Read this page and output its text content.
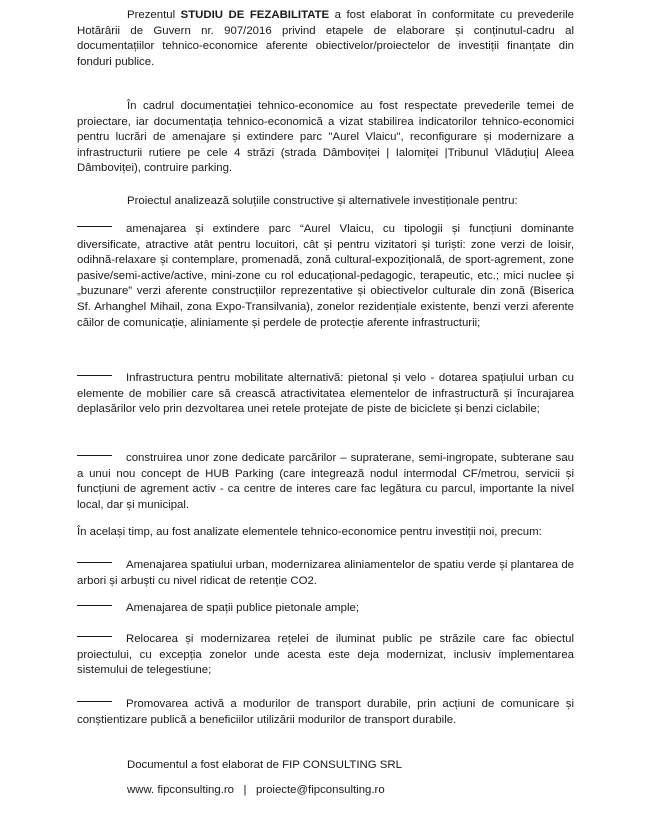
Prezentul STUDIU DE FEZABILITATE a fost elaborat în conformitate cu prevederile Hotărârii de Guvern nr. 907/2016 privind etapele de elaborare și conținutul-cadru al documentațiilor tehnico-economice aferente obiectivelor/proiectelor de investiții finanțate din fonduri publice.

În cadrul documentației tehnico-economice au fost respectate prevederile temei de proiectare, iar documentația tehnico-economică a vizat stabilirea indicatorilor tehnico-economici pentru lucrări de amenajare și extindere parc "Aurel Vlaicu", reconfigurare și modernizare a infrastructurii rutiere pe cele 4 străzi (strada Dâmboviței | Ialomiței |Tribunul Vlăduțiu| Aleea Dâmboviței), contruire parking.

Proiectul analizează soluțiile constructive și alternativele investiționale pentru:

amenajarea și extindere parc “Aurel Vlaicu, cu tipologii și funcțiuni dominante diversificate, atractive atât pentru locuitori, cât și pentru vizitatori și turiști: zone verzi de loisir, odihnă-relaxare și contemplare, promenadă, zonă cultural-expozițională, de sport-agrement, zone pasive/semi-active/active, mini-zone cu rol educațional-pedagogic, terapeutic, etc.; mici nuclee și „buzunare” verzi aferente construcțiilor reprezentative și obiectivelor culturale din zonă (Biserica Sf. Arhanghel Mihail, zona Expo-Transilvania), zonelor rezidențiale existente, benzi verzi aferente căilor de comunicație, aliniamente și perdele de protecție aferente infrastructurii;

Infrastructura pentru mobilitate alternativă: pietonal și velo - dotarea spațiului urban cu elemente de mobilier care să crească atractivitatea elementelor de infrastructură și încurajarea deplasărilor velo prin dezvoltarea unei retele protejate de piste de biciclete și benzi ciclabile;

construirea unor zone dedicate parcărilor – supraterane, semi-ingropate, subterane sau a unui nou concept de HUB Parking (care integrează nodul intermodal CF/metrou, servicii și funcțiuni de agrement activ - ca centre de interes care fac legătura cu parcul, importante la nivel local, dar și municipal.

În același timp, au fost analizate elementele tehnico-economice pentru investiții noi, precum:

Amenajarea spatiului urban, modernizarea aliniamentelor de spatiu verde și plantarea de arbori și arbuști cu nivel ridicat de retenție CO2.

Amenajarea de spații publice pietonale ample;

Relocarea și modernizarea rețelei de iluminat public pe străzile care fac obiectul proiectului, cu excepția zonelor unde acesta este deja modernizat, inclusiv implementarea sistemului de telegestiune;

Promovarea activă a modurilor de transport durabile, prin acțiuni de comunicare și conștientizare publică a beneficiilor utilizării modurilor de transport durabile.

Documentul a fost elaborat de FIP CONSULTING SRL

www. fipconsulting.ro | proiecte@fipconsulting.ro
